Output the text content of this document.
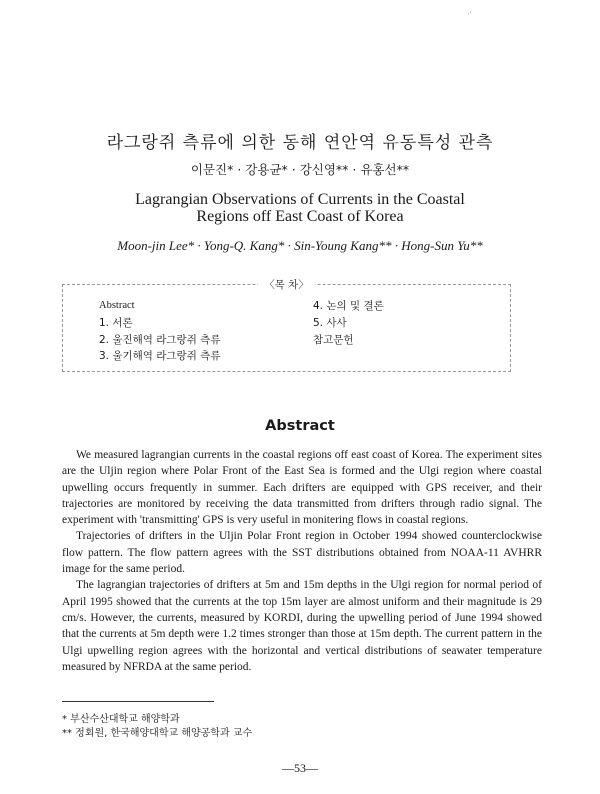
·'
라그랑쥐 측류에 의한 동해 연안역 유동특성 관측
이문진* · 강용균* · 강신영** · 유홍선**
Lagrangian Observations of Currents in the Coastal
Regions off East Coast of Korea
Moon-jin Lee* · Yong-Q. Kang* · Sin-Young Kang** · Hong-Sun Yu**
〈목 차〉
Abstract
1. 서론
2. 울진해역 라그랑쥐 측류
3. 울기해역 라그랑쥐 측류
4. 논의 및 결론
5. 사사
참고문헌
Abstract

We measured lagrangian currents in the coastal regions off east coast of Korea. The experiment sites are the Uljin region where Polar Front of the East Sea is formed and the Ulgi region where coastal upwelling occurs frequently in summer. Each drifters are equipped with GPS receiver, and their trajectories are monitored by receiving the data transmitted from drifters through radio signal. The experiment with 'transmitting' GPS is very useful in monitering flows in coastal regions.

Trajectories of drifters in the Uljin Polar Front region in October 1994 showed counterclockwise flow pattern. The flow pattern agrees with the SST distributions obtained from NOAA-11 AVHRR image for the same period.

The lagrangian trajectories of drifters at 5m and 15m depths in the Ulgi region for normal period of April 1995 showed that the currents at the top 15m layer are almost uniform and their magnitude is 29 cm/s. However, the currents, measured by KORDI, during the upwelling period of June 1994 showed that the currents at 5m depth were 1.2 times stronger than those at 15m depth. The current pattern in the Ulgi upwelling region agrees with the horizontal and vertical distributions of seawater temperature measured by NFRDA at the same period.

* 부산수산대학교 해양학과
** 정회원, 한국해양대학교 해양공학과 교수
—53—
